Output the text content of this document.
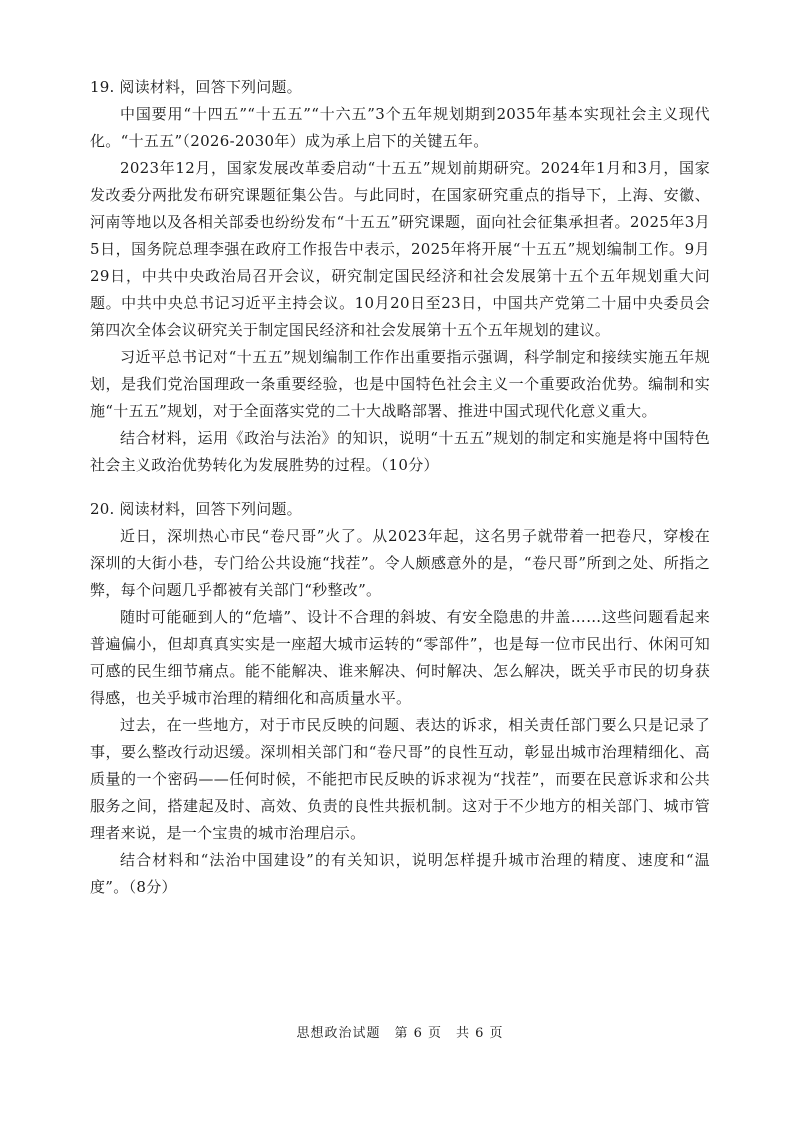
19. 阅读材料，回答下列问题。

中国要用“十四五”“十五五”“十六五”3个五年规划期到2035年基本实现社会主义现代化。“十五五”（2026-2030年）成为承上启下的关键五年。

2023年12月，国家发展改革委启动“十五五”规划前期研究。2024年1月和3月，国家发改委分两批发布研究课题征集公告。与此同时，在国家研究重点的指导下，上海、安徽、河南等地以及各相关部委也纷纷发布“十五五”研究课题，面向社会征集承担者。2025年3月5日，国务院总理李强在政府工作报告中表示，2025年将开展“十五五”规划编制工作。9月29日，中共中央政治局召开会议，研究制定国民经济和社会发展第十五个五年规划重大问题。中共中央总书记习近平主持会议。10月20日至23日，中国共产党第二十届中央委员会第四次全体会议研究关于制定国民经济和社会发展第十五个五年规划的建议。

习近平总书记对“十五五”规划编制工作作出重要指示强调，科学制定和接续实施五年规划，是我们党治国理政一条重要经验，也是中国特色社会主义一个重要政治优势。编制和实施“十五五”规划，对于全面落实党的二十大战略部署、推进中国式现代化意义重大。

结合材料，运用《政治与法治》的知识，说明“十五五”规划的制定和实施是将中国特色社会主义政治优势转化为发展胜势的过程。（10分）

20. 阅读材料，回答下列问题。

近日，深圳热心市民“卷尺哥”火了。从2023年起，这名男子就带着一把卷尺，穿梭在深圳的大街小巷，专门给公共设施“找茬”。令人颇感意外的是，“卷尺哥”所到之处、所指之弊，每个问题几乎都被有关部门“秒整改”。

随时可能砸到人的“危墙”、设计不合理的斜坡、有安全隐患的井盖……这些问题看起来普遍偏小，但却真真实实是一座超大城市运转的“零部件”，也是每一位市民出行、休闲可知可感的民生细节痛点。能不能解决、谁来解决、何时解决、怎么解决，既关乎市民的切身获得感，也关乎城市治理的精细化和高质量水平。

过去，在一些地方，对于市民反映的问题、表达的诉求，相关责任部门要么只是记录了事，要么整改行动迟缓。深圳相关部门和“卷尺哥”的良性互动，彰显出城市治理精细化、高质量的一个密码——任何时候，不能把市民反映的诉求视为“找茬”，而要在民意诉求和公共服务之间，搭建起及时、高效、负责的良性共振机制。这对于不少地方的相关部门、城市管理者来说，是一个宝贵的城市治理启示。

结合材料和“法治中国建设”的有关知识，说明怎样提升城市治理的精度、速度和“温度”。（8分）

思想政治试题　第 6 页　共 6 页
